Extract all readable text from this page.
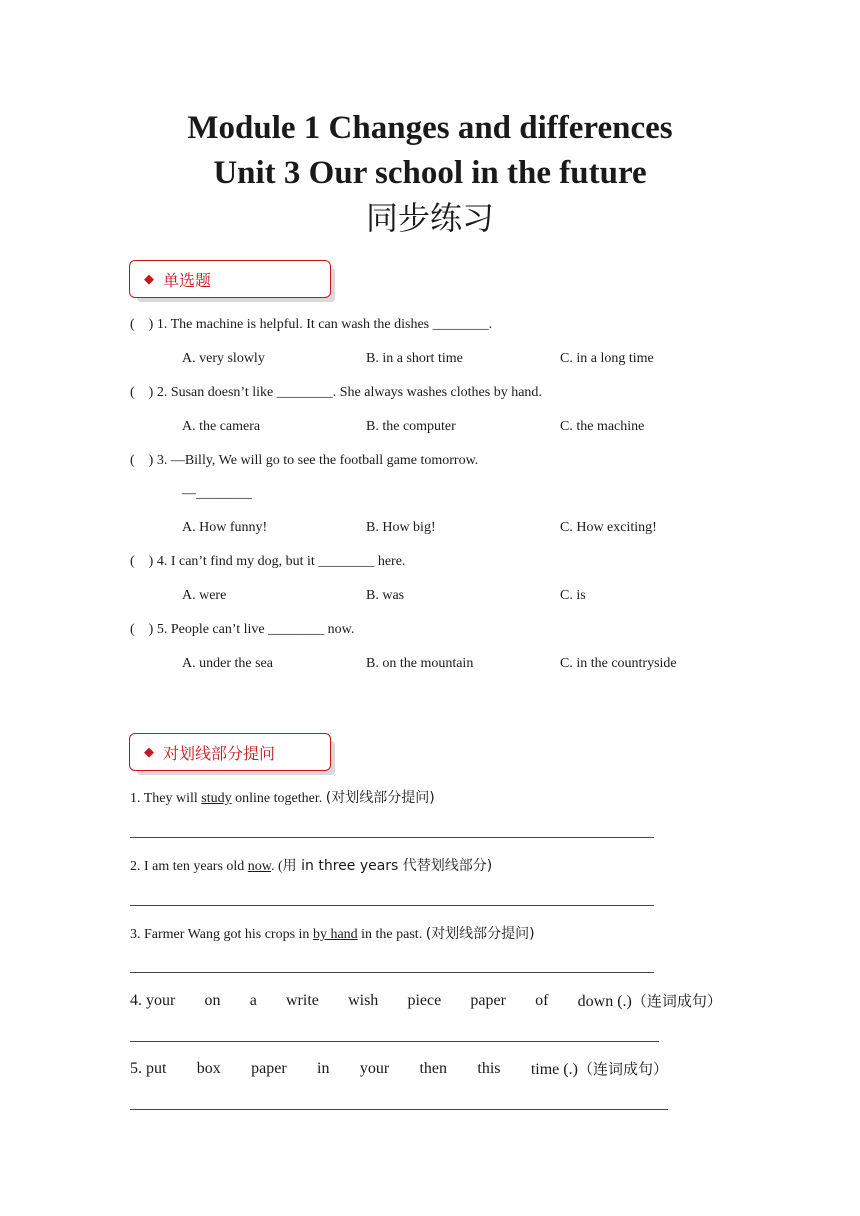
Module 1 Changes and differences
Unit 3 Our school in the future
同步练习
◆ 单选题
(    ) 1. The machine is helpful. It can wash the dishes ________.
A. very slowly	B. in a short time	C. in a long time
(    ) 2. Susan doesn’t like ________. She always washes clothes by hand.
A. the camera	B. the computer	C. the machine
(    ) 3. —Billy, We will go to see the football game tomorrow.
—________
A. How funny!	B. How big!	C. How exciting!
(    ) 4. I can’t find my dog, but it ________ here.
A. were	B. was	C. is
(    ) 5. People can’t live ________ now.
A. under the sea	B. on the mountain	C. in the countryside
◆ 对划线部分提问
1. They will study online together. (对划线部分提问)
2. I am ten years old now. (用 in three years 代替划线部分)
3. Farmer Wang got his crops in by hand in the past. (对划线部分提问)
4. your on a write wish piece paper of down (.)（连词成句）
5. put box paper in your then this time (.)（连词成句）
